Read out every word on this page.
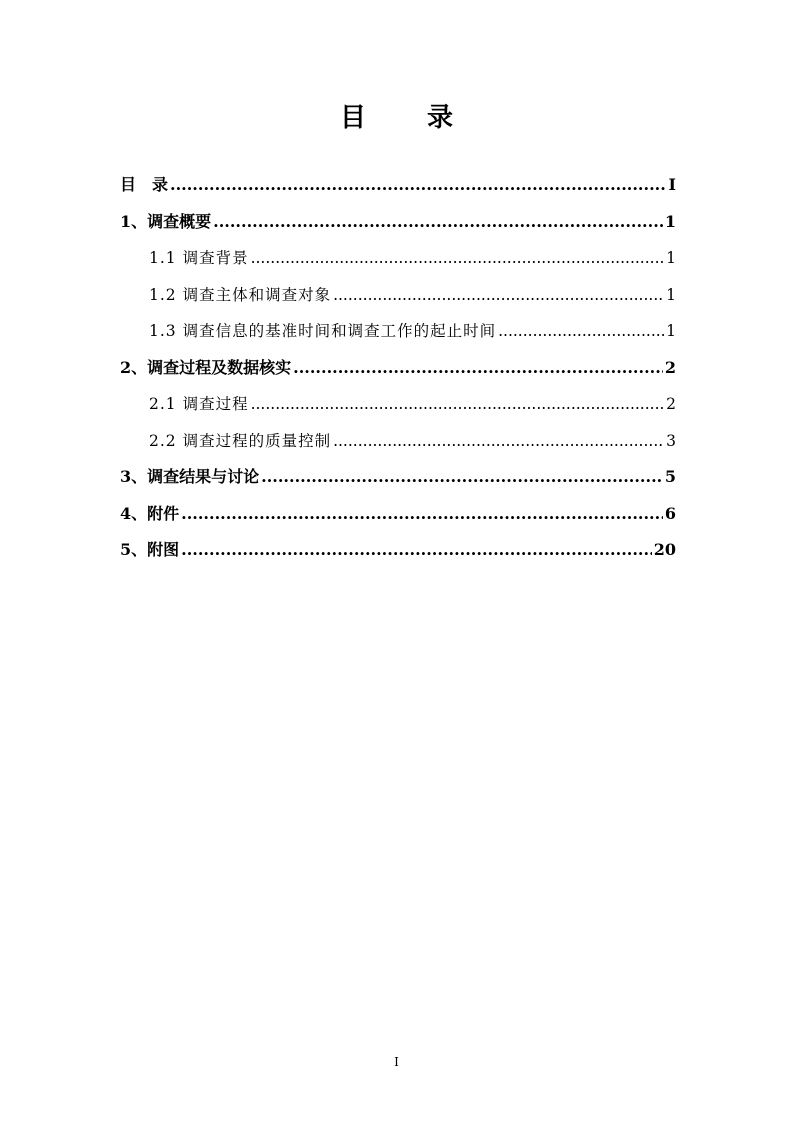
目 录
目　录 .....	I
1、调查概要 .....	1
1.1 调查背景 .....	1
1.2 调查主体和调查对象 .....	1
1.3 调查信息的基准时间和调查工作的起止时间 .....	1
2、调查过程及数据核实 .....	2
2.1 调查过程 .....	2
2.2 调查过程的质量控制 .....	3
3、调查结果与讨论 .....	5
4、附件 .....	6
5、附图 .....	20
I
